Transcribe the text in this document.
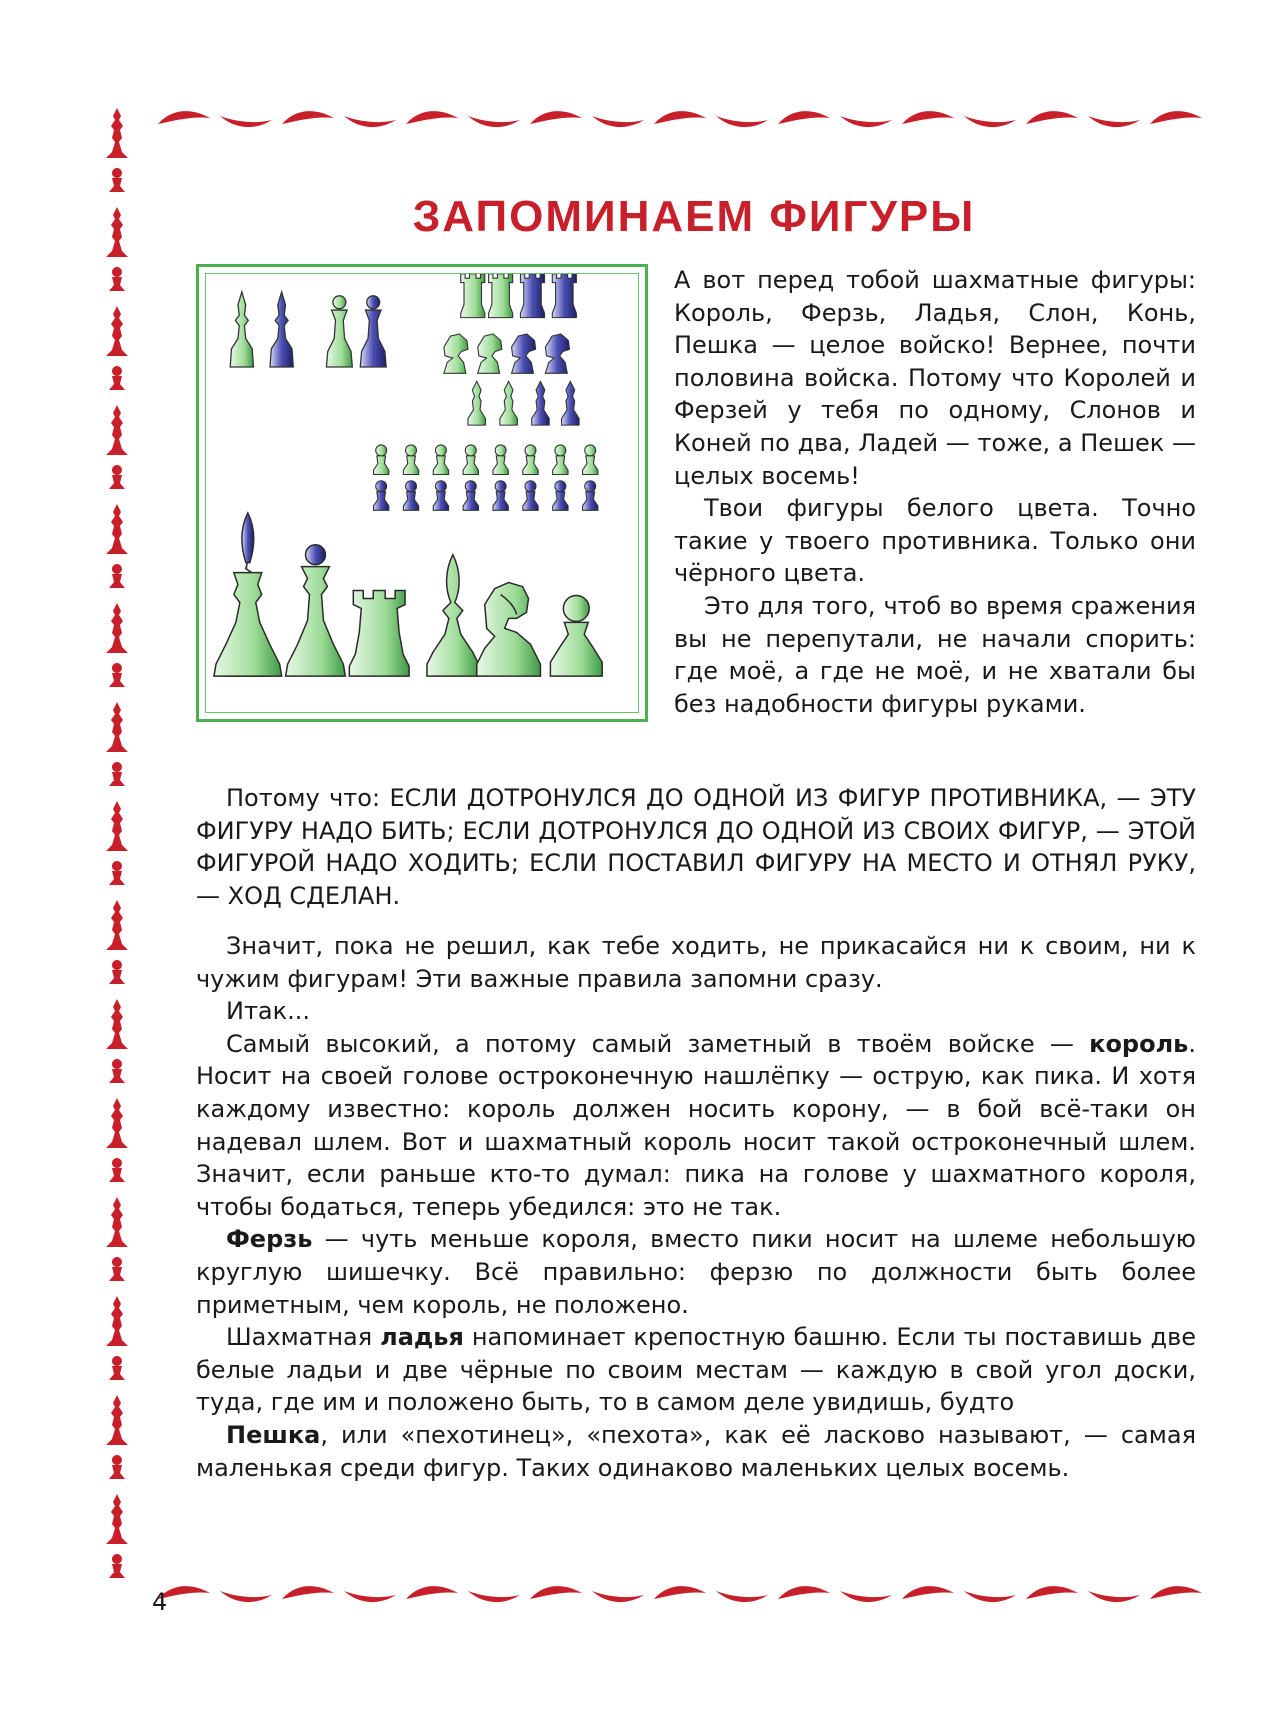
ЗАПОМИНАЕМ ФИГУРЫ

А вот перед тобой шахматные фигуры: Король, Ферзь, Ладья, Слон, Конь, Пешка — целое войско! Вернее, почти половина войска. Потому что Королей и Ферзей у тебя по одному, Слонов и Коней по два, Ладей — тоже, а Пешек — целых восемь!

Твои фигуры белого цвета. Точно такие у твоего противника. Только они чёрного цвета.

Это для того, чтоб во время сражения вы не перепутали, не начали спорить: где моё, а где не моё, и не хватали бы без надобности фигуры руками.

Потому что: ЕСЛИ ДОТРОНУЛСЯ ДО ОДНОЙ ИЗ ФИГУР ПРОТИВНИКА, — ЭТУ ФИГУРУ НАДО БИТЬ; ЕСЛИ ДОТРОНУЛСЯ ДО ОДНОЙ ИЗ СВОИХ ФИГУР, — ЭТОЙ ФИГУРОЙ НАДО ХОДИТЬ; ЕСЛИ ПОСТАВИЛ ФИГУРУ НА МЕСТО И ОТНЯЛ РУКУ, — ХОД СДЕЛАН.

Значит, пока не решил, как тебе ходить, не прикасайся ни к своим, ни к чужим фигурам! Эти важные правила запомни сразу.

Итак...

Самый высокий, а потому самый заметный в твоём войске — король. Носит на своей голове остроконечную нашлёпку — острую, как пика. И хотя каждому известно: король должен носить корону, — в бой всё-таки он надевал шлем. Вот и шахматный король носит такой остроконечный шлем. Значит, если раньше кто-то думал: пика на голове у шахматного короля, чтобы бодаться, теперь убедился: это не так.

Ферзь — чуть меньше короля, вместо пики носит на шлеме небольшую круглую шишечку. Всё правильно: ферзю по должности быть более приметным, чем король, не положено.

Шахматная ладья напоминает крепостную башню. Если ты поставишь две белые ладьи и две чёрные по своим местам — каждую в свой угол доски, туда, где им и положено быть, то в самом деле увидишь, будто

Пешка, или «пехотинец», «пехота», как её ласково называют, — самая маленькая среди фигур. Таких одинаково маленьких целых восемь.

4
